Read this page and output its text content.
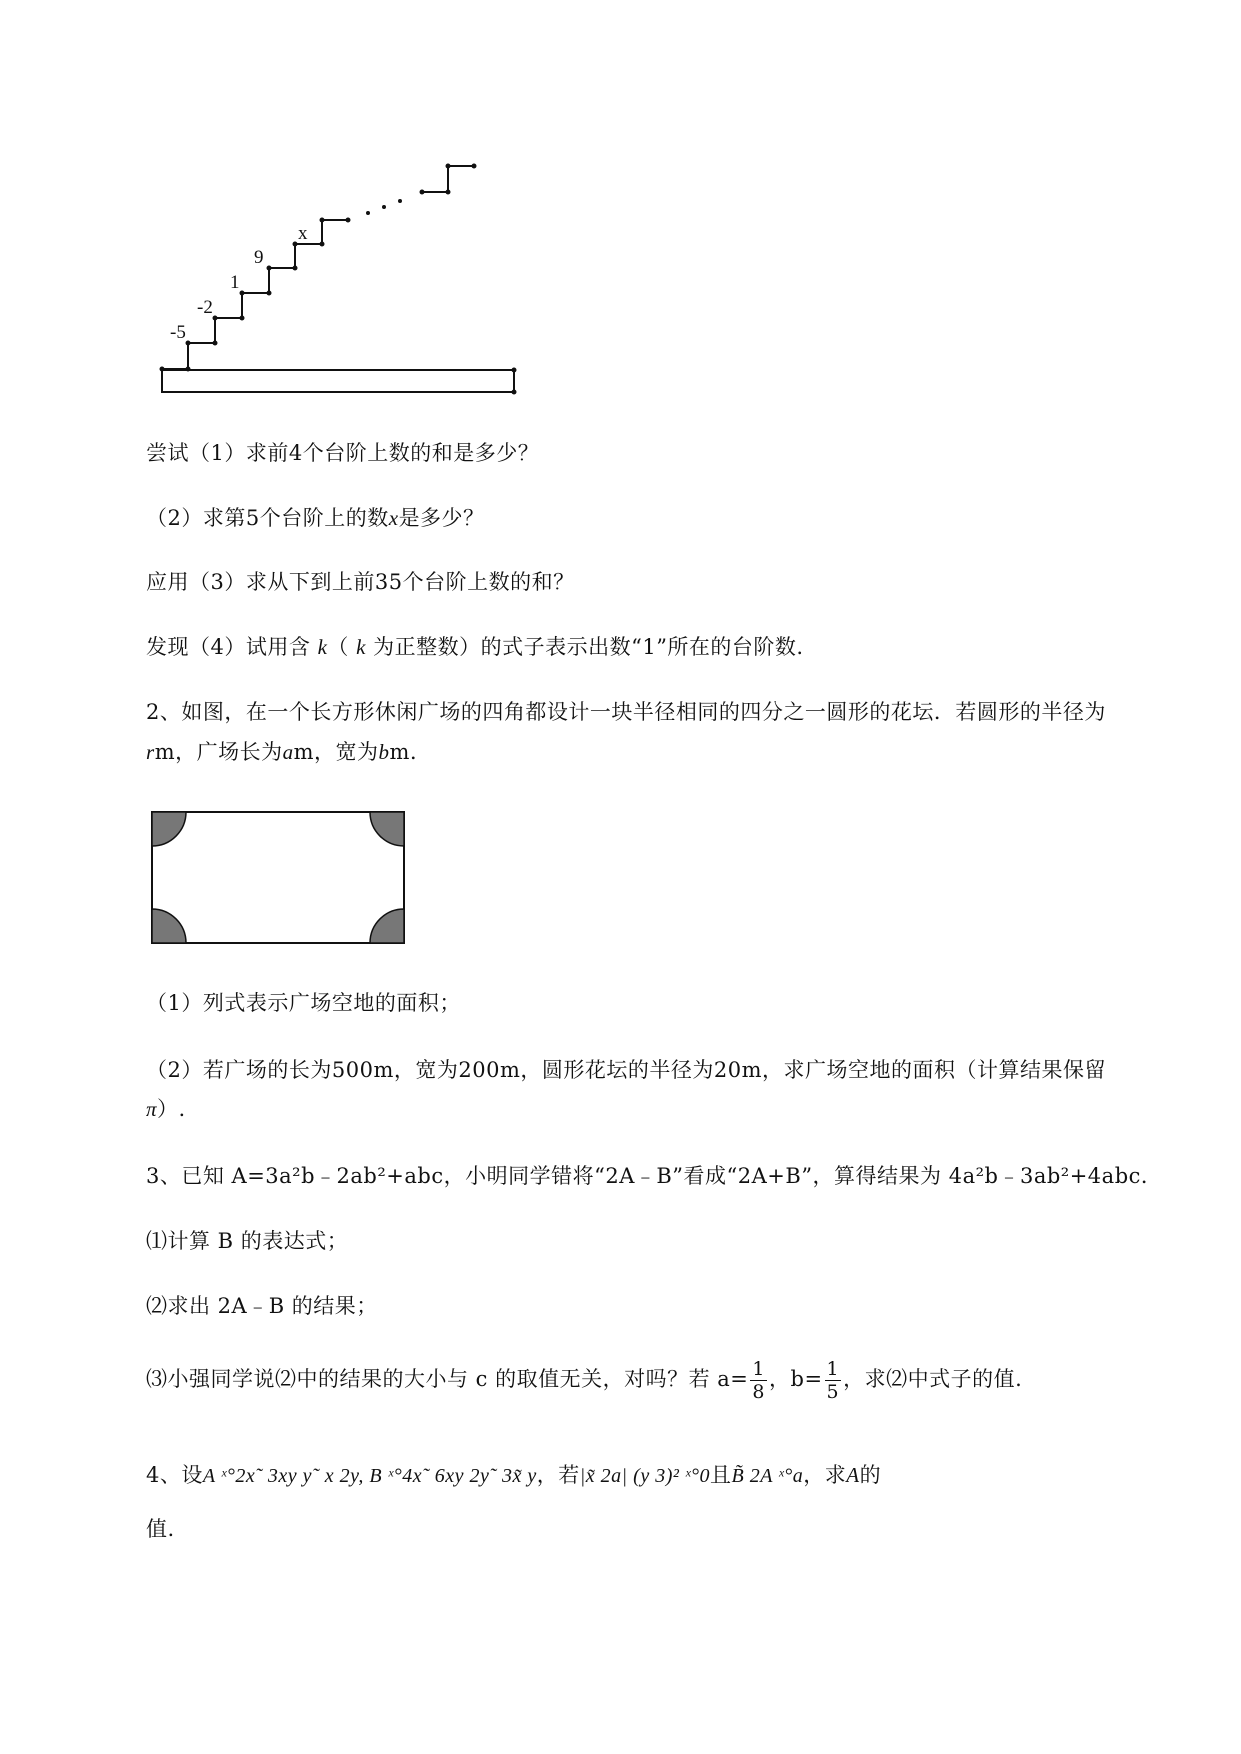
-5
-2
1
9
x
尝试（1）求前4个台阶上数的和是多少？
（2）求第5个台阶上的数x是多少？
应用（3）求从下到上前35个台阶上数的和？
发现（4）试用含 k（ k 为正整数）的式子表示出数“1”所在的台阶数.
2、如图，在一个长方形休闲广场的四角都设计一块半径相同的四分之一圆形的花坛．若圆形的半径为
rm，广场长为am，宽为bm．
（1）列式表示广场空地的面积；
（2）若广场的长为500m，宽为200m，圆形花坛的半径为20m，求广场空地的面积（计算结果保留
π）.
3、已知 A=3a²b﹣2ab²+abc，小明同学错将“2A﹣B”看成“2A+B”，算得结果为 4a²b﹣3ab²+4abc．
⑴计算 B 的表达式；
⑵求出 2A﹣B 的结果；
⑶小强同学说⑵中的结果的大小与 c 的取值无关，对吗？若 $a= \frac{1}{8}$ ，$b= \frac{1}{5}$ ，求⑵中式子的值.
4、设A ˣ°2x˜ 3xy y˜ x 2y, B ˣ°4x˜ 6xy 2y˜ 3x̃ y，若|x̃ 2a| (y 3)² ˣ°0且B̃ 2A ˣ°a，求A的
值.
